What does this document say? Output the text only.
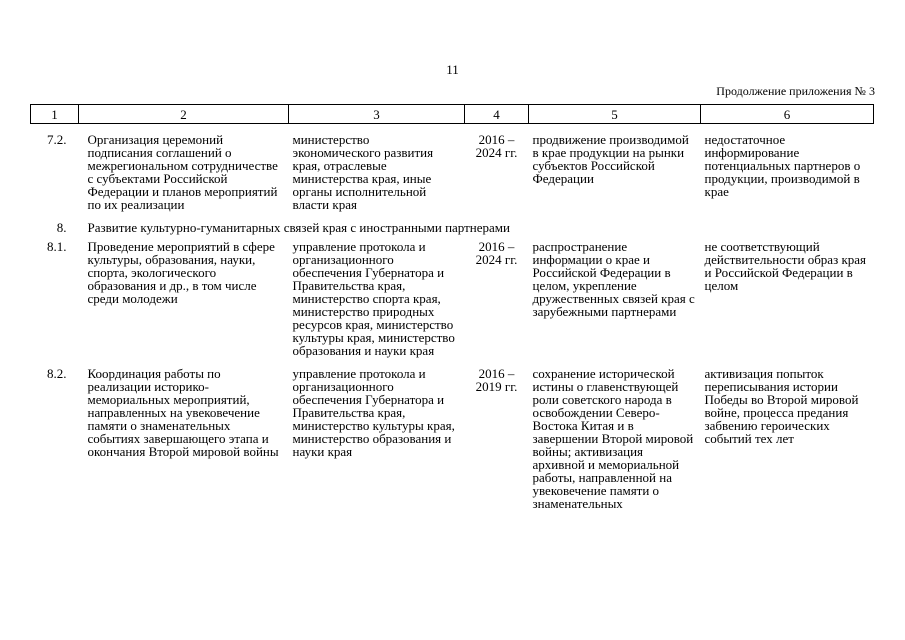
11
Продолжение приложения № 3
1	2	3	4	5	6

7.2.	Организация церемоний подписания соглашений о межрегиональном сотрудничестве с субъектами Российской Федерации и планов мероприятий по их реализации	министерство экономического развития края, отраслевые министерства края, иные органы исполнительной власти края	2016 – 2024 гг.	продвижение производимой в крае продукции на рынки субъектов Российской Федерации	недостаточное информирование потенциальных партнеров о продукции, производимой в крае
8.	Развитие культурно-гуманитарных связей края с иностранными партнерами				
8.1.	Проведение мероприятий в сфере культуры, образования, науки, спорта, экологического образования и др., в том числе среди молодежи	управление протокола и организационного обеспечения Губернатора и Правительства края, министерство спорта края, министерство природных ресурсов края, министерство культуры края, министерство образования и науки края	2016 – 2024 гг.	распространение информации о крае и Российской Федерации в целом, укрепление дружественных связей края с зарубежными партнерами	не соответствующий действительности образ края и Российской Федерации в целом
8.2.	Координация работы по реализации историко-мемориальных мероприятий, направленных на увековечение памяти о знаменательных событиях завершающего этапа и окончания Второй мировой войны	управление протокола и организационного обеспечения Губернатора и Правительства края, министерство культуры края, министерство образования и науки края	2016 – 2019 гг.	сохранение исторической истины о главенствующей роли советского народа в освобождении Северо-Востока Китая и в завершении Второй мировой войны; активизация архивной и мемориальной работы, направленной на увековечение памяти о знаменательных	активизация попыток переписывания истории Победы во Второй мировой войне, процесса предания забвению героических событий тех лет
